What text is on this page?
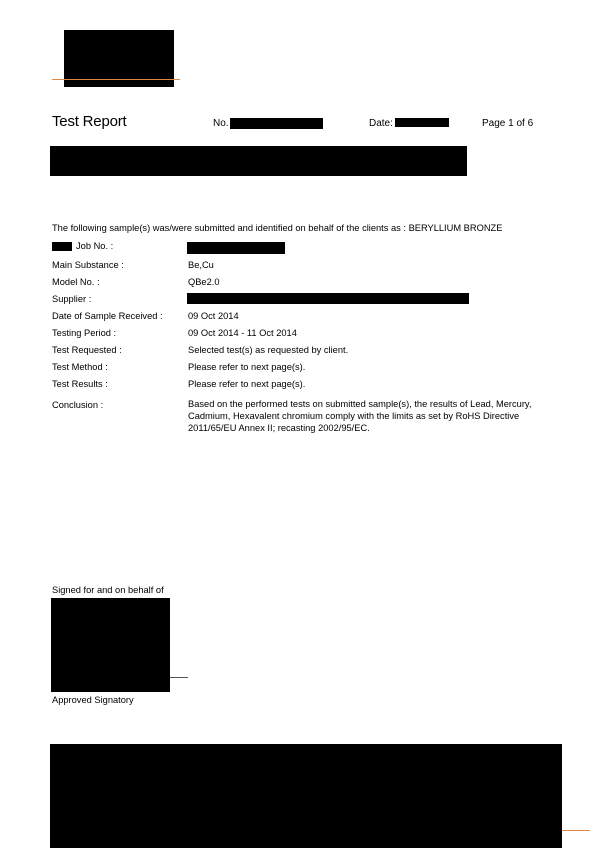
Test Report	No.	Date:	Page 1 of 6
The following sample(s) was/were submitted and identified on behalf of the clients as : BERYLLIUM BRONZE
Job No. :
Main Substance :	Be,Cu
Model No. :	QBe2.0
Supplier :
Date of Sample Received :	09 Oct 2014
Testing Period :	09 Oct 2014 - 11 Oct 2014
Test Requested :	Selected test(s) as requested by client.
Test Method :	Please refer to next page(s).
Test Results :	Please refer to next page(s).
Conclusion :	Based on the performed tests on submitted sample(s), the results of Lead, Mercury, Cadmium, Hexavalent chromium comply with the limits as set by RoHS Directive 2011/65/EU Annex II; recasting 2002/95/EC.
Signed for and on behalf of
Approved Signatory
